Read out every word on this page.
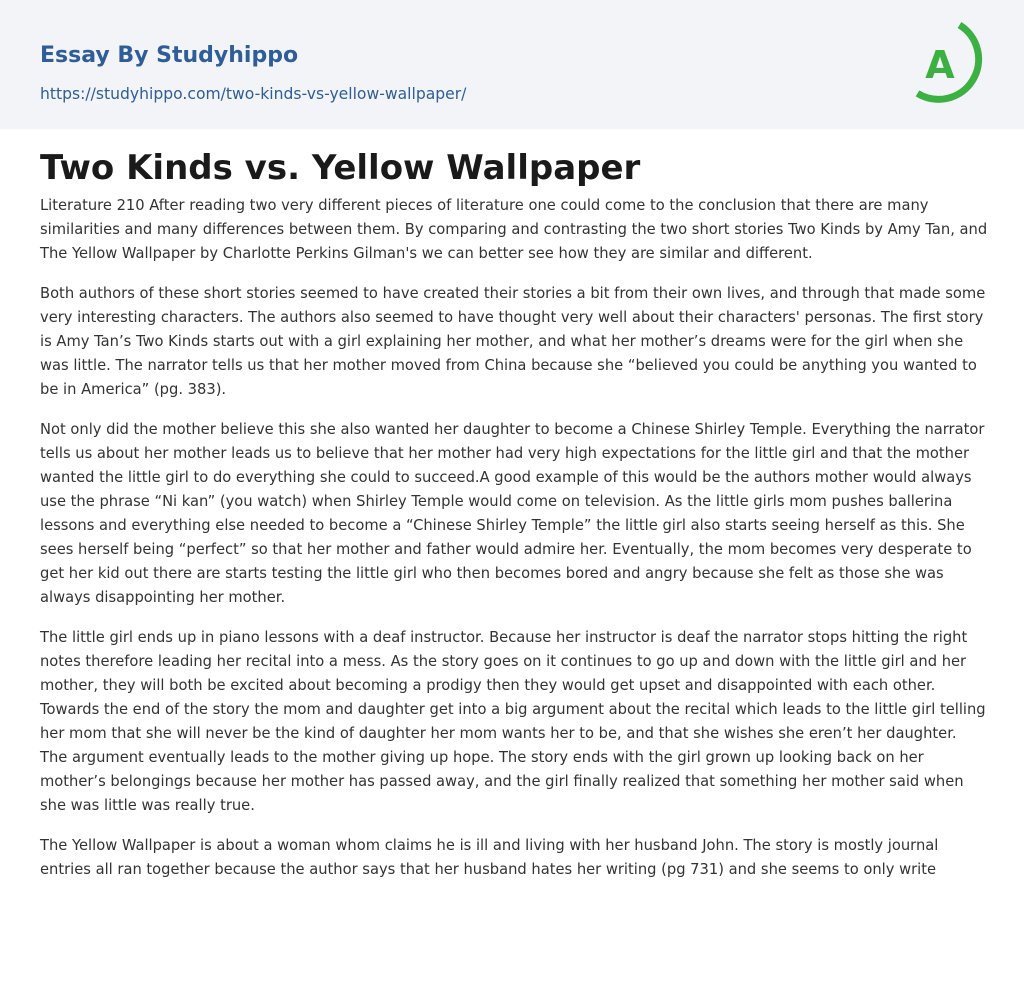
Essay By Studyhippo
https://studyhippo.com/two-kinds-vs-yellow-wallpaper/
A
Two Kinds vs. Yellow Wallpaper

Literature 210 After reading two very different pieces of literature one could come to the conclusion that there are many similarities and many differences between them. By comparing and contrasting the two short stories Two Kinds by Amy Tan, and The Yellow Wallpaper by Charlotte Perkins Gilman's we can better see how they are similar and different.

Both authors of these short stories seemed to have created their stories a bit from their own lives, and through that made some very interesting characters. The authors also seemed to have thought very well about their characters' personas. The first story is Amy Tan’s Two Kinds starts out with a girl explaining her mother, and what her mother’s dreams were for the girl when she was little. The narrator tells us that her mother moved from China because she “believed you could be anything you wanted to be in America” (pg. 383).

Not only did the mother believe this she also wanted her daughter to become a Chinese Shirley Temple. Everything the narrator tells us about her mother leads us to believe that her mother had very high expectations for the little girl and that the mother wanted the little girl to do everything she could to succeed.A good example of this would be the authors mother would always use the phrase “Ni kan” (you watch) when Shirley Temple would come on television. As the little girls mom pushes ballerina lessons and everything else needed to become a “Chinese Shirley Temple” the little girl also starts seeing herself as this. She sees herself being “perfect” so that her mother and father would admire her. Eventually, the mom becomes very desperate to get her kid out there are starts testing the little girl who then becomes bored and angry because she felt as those she was always disappointing her mother.

The little girl ends up in piano lessons with a deaf instructor. Because her instructor is deaf the narrator stops hitting the right notes therefore leading her recital into a mess. As the story goes on it continues to go up and down with the little girl and her mother, they will both be excited about becoming a prodigy then they would get upset and disappointed with each other. Towards the end of the story the mom and daughter get into a big argument about the recital which leads to the little girl telling her mom that she will never be the kind of daughter her mom wants her to be, and that she wishes she eren’t her daughter. The argument eventually leads to the mother giving up hope. The story ends with the girl grown up looking back on her mother’s belongings because her mother has passed away, and the girl finally realized that something her mother said when she was little was really true.

The Yellow Wallpaper is about a woman whom claims he is ill and living with her husband John. The story is mostly journal entries all ran together because the author says that her husband hates her writing (pg 731) and she seems to only write
